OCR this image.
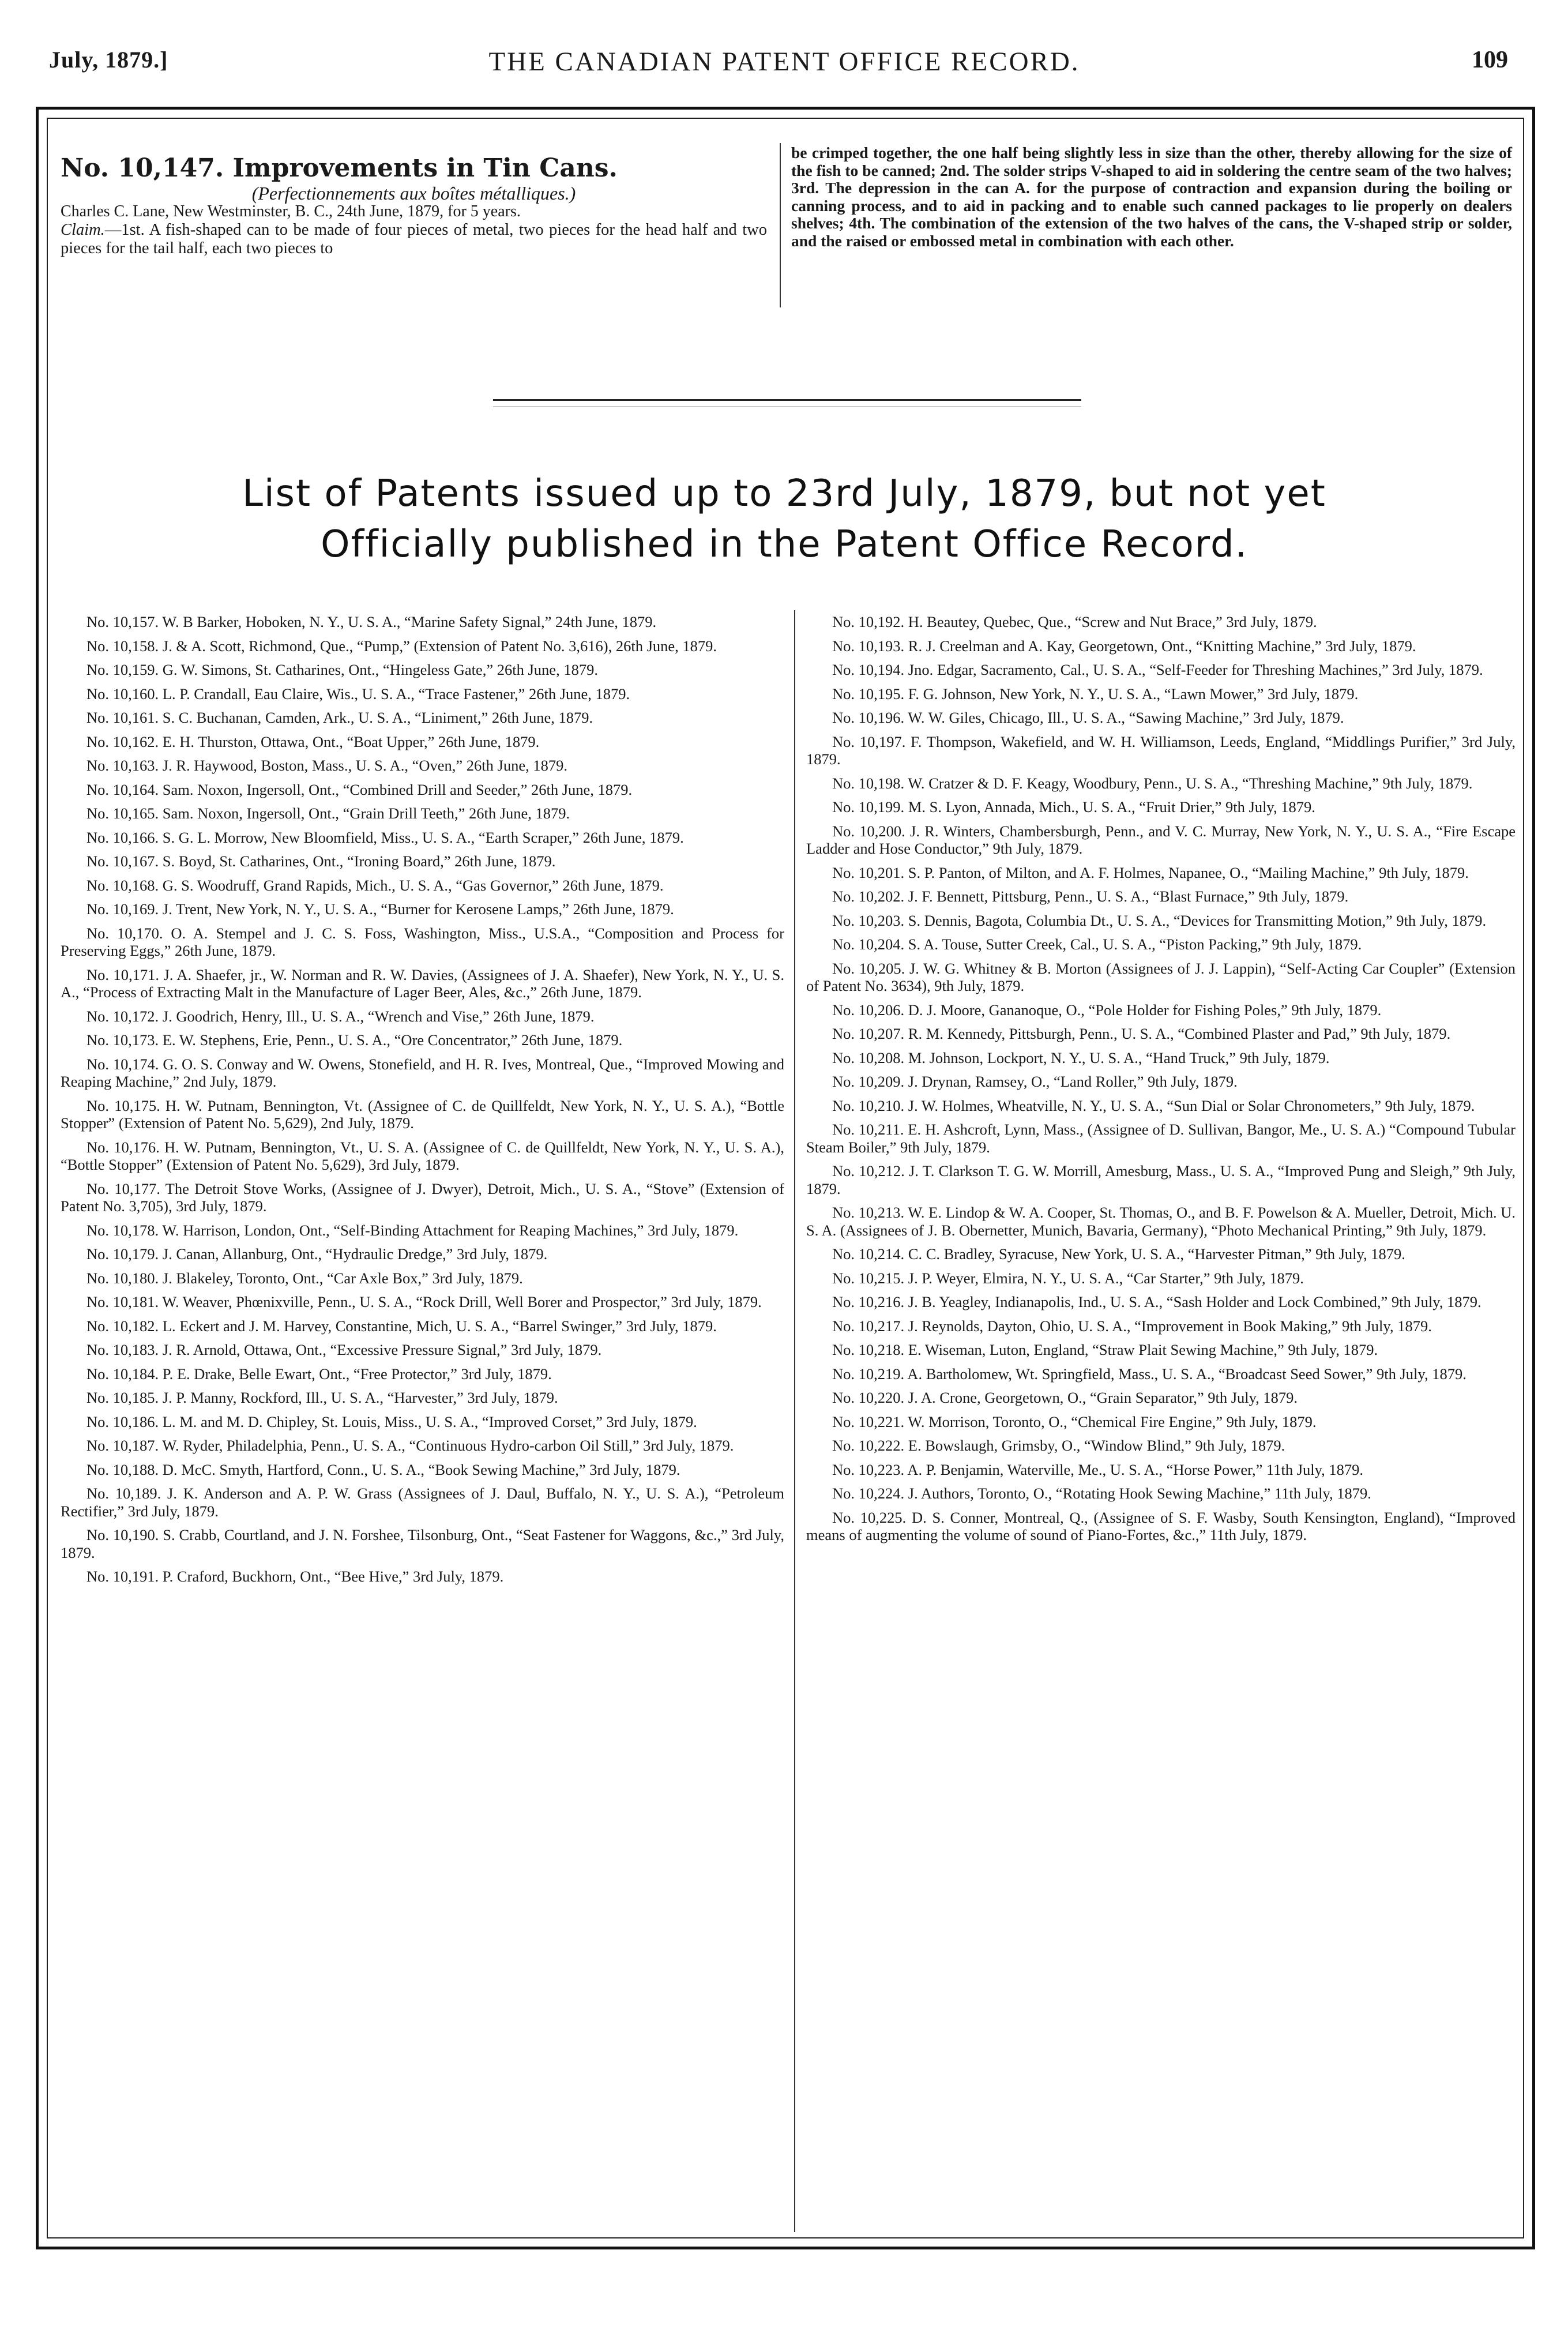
July, 1879.]	THE CANADIAN PATENT OFFICE RECORD.	109

No. 10,147. Improvements in Tin Cans.

(Perfectionnements aux boîtes métalliques.)

Charles C. Lane, New Westminster, B. C., 24th June, 1879, for 5 years.

Claim.—1st. A fish-shaped can to be made of four pieces of metal, two pieces for the head half and two pieces for the tail half, each two pieces to

be crimped together, the one half being slightly less in size than the other, thereby allowing for the size of the fish to be canned; 2nd. The solder strips V-shaped to aid in soldering the centre seam of the two halves; 3rd. The depression in the can A. for the purpose of contraction and expansion during the boiling or canning process, and to aid in packing and to enable such canned packages to lie properly on dealers shelves; 4th. The combination of the extension of the two halves of the cans, the V-shaped strip or solder, and the raised or embossed metal in combination with each other.

List of Patents issued up to 23rd July, 1879, but not yet
Officially published in the Patent Office Record.

No. 10,157. W. B Barker, Hoboken, N. Y., U. S. A., “Marine Safety Signal,” 24th June, 1879.

No. 10,158. J. & A. Scott, Richmond, Que., “Pump,” (Extension of Patent No. 3,616), 26th June, 1879.

No. 10,159. G. W. Simons, St. Catharines, Ont., “Hingeless Gate,” 26th June, 1879.

No. 10,160. L. P. Crandall, Eau Claire, Wis., U. S. A., “Trace Fastener,” 26th June, 1879.

No. 10,161. S. C. Buchanan, Camden, Ark., U. S. A., “Liniment,” 26th June, 1879.

No. 10,162. E. H. Thurston, Ottawa, Ont., “Boat Upper,” 26th June, 1879.

No. 10,163. J. R. Haywood, Boston, Mass., U. S. A., “Oven,” 26th June, 1879.

No. 10,164. Sam. Noxon, Ingersoll, Ont., “Combined Drill and Seeder,” 26th June, 1879.

No. 10,165. Sam. Noxon, Ingersoll, Ont., “Grain Drill Teeth,” 26th June, 1879.

No. 10,166. S. G. L. Morrow, New Bloomfield, Miss., U. S. A., “Earth Scraper,” 26th June, 1879.

No. 10,167. S. Boyd, St. Catharines, Ont., “Ironing Board,” 26th June, 1879.

No. 10,168. G. S. Woodruff, Grand Rapids, Mich., U. S. A., “Gas Governor,” 26th June, 1879.

No. 10,169. J. Trent, New York, N. Y., U. S. A., “Burner for Kerosene Lamps,” 26th June, 1879.

No. 10,170. O. A. Stempel and J. C. S. Foss, Washington, Miss., U.S.A., “Composition and Process for Preserving Eggs,” 26th June, 1879.

No. 10,171. J. A. Shaefer, jr., W. Norman and R. W. Davies, (Assignees of J. A. Shaefer), New York, N. Y., U. S. A., “Process of Extracting Malt in the Manufacture of Lager Beer, Ales, &c.,” 26th June, 1879.

No. 10,172. J. Goodrich, Henry, Ill., U. S. A., “Wrench and Vise,” 26th June, 1879.

No. 10,173. E. W. Stephens, Erie, Penn., U. S. A., “Ore Concentrator,” 26th June, 1879.

No. 10,174. G. O. S. Conway and W. Owens, Stonefield, and H. R. Ives, Montreal, Que., “Improved Mowing and Reaping Machine,” 2nd July, 1879.

No. 10,175. H. W. Putnam, Bennington, Vt. (Assignee of C. de Quillfeldt, New York, N. Y., U. S. A.), “Bottle Stopper” (Extension of Patent No. 5,629), 2nd July, 1879.

No. 10,176. H. W. Putnam, Bennington, Vt., U. S. A. (Assignee of C. de Quillfeldt, New York, N. Y., U. S. A.), “Bottle Stopper” (Extension of Patent No. 5,629), 3rd July, 1879.

No. 10,177. The Detroit Stove Works, (Assignee of J. Dwyer), Detroit, Mich., U. S. A., “Stove” (Extension of Patent No. 3,705), 3rd July, 1879.

No. 10,178. W. Harrison, London, Ont., “Self-Binding Attachment for Reaping Machines,” 3rd July, 1879.

No. 10,179. J. Canan, Allanburg, Ont., “Hydraulic Dredge,” 3rd July, 1879.

No. 10,180. J. Blakeley, Toronto, Ont., “Car Axle Box,” 3rd July, 1879.

No. 10,181. W. Weaver, Phœnixville, Penn., U. S. A., “Rock Drill, Well Borer and Prospector,” 3rd July, 1879.

No. 10,182. L. Eckert and J. M. Harvey, Constantine, Mich, U. S. A., “Barrel Swinger,” 3rd July, 1879.

No. 10,183. J. R. Arnold, Ottawa, Ont., “Excessive Pressure Signal,” 3rd July, 1879.

No. 10,184. P. E. Drake, Belle Ewart, Ont., “Free Protector,” 3rd July, 1879.

No. 10,185. J. P. Manny, Rockford, Ill., U. S. A., “Harvester,” 3rd July, 1879.

No. 10,186. L. M. and M. D. Chipley, St. Louis, Miss., U. S. A., “Improved Corset,” 3rd July, 1879.

No. 10,187. W. Ryder, Philadelphia, Penn., U. S. A., “Continuous Hydro-carbon Oil Still,” 3rd July, 1879.

No. 10,188. D. McC. Smyth, Hartford, Conn., U. S. A., “Book Sewing Machine,” 3rd July, 1879.

No. 10,189. J. K. Anderson and A. P. W. Grass (Assignees of J. Daul, Buffalo, N. Y., U. S. A.), “Petroleum Rectifier,” 3rd July, 1879.

No. 10,190. S. Crabb, Courtland, and J. N. Forshee, Tilsonburg, Ont., “Seat Fastener for Waggons, &c.,” 3rd July, 1879.

No. 10,191. P. Craford, Buckhorn, Ont., “Bee Hive,” 3rd July, 1879.

No. 10,192. H. Beautey, Quebec, Que., “Screw and Nut Brace,” 3rd July, 1879.

No. 10,193. R. J. Creelman and A. Kay, Georgetown, Ont., “Knitting Machine,” 3rd July, 1879.

No. 10,194. Jno. Edgar, Sacramento, Cal., U. S. A., “Self-Feeder for Threshing Machines,” 3rd July, 1879.

No. 10,195. F. G. Johnson, New York, N. Y., U. S. A., “Lawn Mower,” 3rd July, 1879.

No. 10,196. W. W. Giles, Chicago, Ill., U. S. A., “Sawing Machine,” 3rd July, 1879.

No. 10,197. F. Thompson, Wakefield, and W. H. Williamson, Leeds, England, “Middlings Purifier,” 3rd July, 1879.

No. 10,198. W. Cratzer & D. F. Keagy, Woodbury, Penn., U. S. A., “Threshing Machine,” 9th July, 1879.

No. 10,199. M. S. Lyon, Annada, Mich., U. S. A., “Fruit Drier,” 9th July, 1879.

No. 10,200. J. R. Winters, Chambersburgh, Penn., and V. C. Murray, New York, N. Y., U. S. A., “Fire Escape Ladder and Hose Conductor,” 9th July, 1879.

No. 10,201. S. P. Panton, of Milton, and A. F. Holmes, Napanee, O., “Mailing Machine,” 9th July, 1879.

No. 10,202. J. F. Bennett, Pittsburg, Penn., U. S. A., “Blast Furnace,” 9th July, 1879.

No. 10,203. S. Dennis, Bagota, Columbia Dt., U. S. A., “Devices for Transmitting Motion,” 9th July, 1879.

No. 10,204. S. A. Touse, Sutter Creek, Cal., U. S. A., “Piston Packing,” 9th July, 1879.

No. 10,205. J. W. G. Whitney & B. Morton (Assignees of J. J. Lappin), “Self-Acting Car Coupler” (Extension of Patent No. 3634), 9th July, 1879.

No. 10,206. D. J. Moore, Gananoque, O., “Pole Holder for Fishing Poles,” 9th July, 1879.

No. 10,207. R. M. Kennedy, Pittsburgh, Penn., U. S. A., “Combined Plaster and Pad,” 9th July, 1879.

No. 10,208. M. Johnson, Lockport, N. Y., U. S. A., “Hand Truck,” 9th July, 1879.

No. 10,209. J. Drynan, Ramsey, O., “Land Roller,” 9th July, 1879.

No. 10,210. J. W. Holmes, Wheatville, N. Y., U. S. A., “Sun Dial or Solar Chronometers,” 9th July, 1879.

No. 10,211. E. H. Ashcroft, Lynn, Mass., (Assignee of D. Sullivan, Bangor, Me., U. S. A.) “Compound Tubular Steam Boiler,” 9th July, 1879.

No. 10,212. J. T. Clarkson T. G. W. Morrill, Amesburg, Mass., U. S. A., “Improved Pung and Sleigh,” 9th July, 1879.

No. 10,213. W. E. Lindop & W. A. Cooper, St. Thomas, O., and B. F. Powelson & A. Mueller, Detroit, Mich. U. S. A. (Assignees of J. B. Obernetter, Munich, Bavaria, Germany), “Photo Mechanical Printing,” 9th July, 1879.

No. 10,214. C. C. Bradley, Syracuse, New York, U. S. A., “Harvester Pitman,” 9th July, 1879.

No. 10,215. J. P. Weyer, Elmira, N. Y., U. S. A., “Car Starter,” 9th July, 1879.

No. 10,216. J. B. Yeagley, Indianapolis, Ind., U. S. A., “Sash Holder and Lock Combined,” 9th July, 1879.

No. 10,217. J. Reynolds, Dayton, Ohio, U. S. A., “Improvement in Book Making,” 9th July, 1879.

No. 10,218. E. Wiseman, Luton, England, “Straw Plait Sewing Machine,” 9th July, 1879.

No. 10,219. A. Bartholomew, Wt. Springfield, Mass., U. S. A., “Broadcast Seed Sower,” 9th July, 1879.

No. 10,220. J. A. Crone, Georgetown, O., “Grain Separator,” 9th July, 1879.

No. 10,221. W. Morrison, Toronto, O., “Chemical Fire Engine,” 9th July, 1879.

No. 10,222. E. Bowslaugh, Grimsby, O., “Window Blind,” 9th July, 1879.

No. 10,223. A. P. Benjamin, Waterville, Me., U. S. A., “Horse Power,” 11th July, 1879.

No. 10,224. J. Authors, Toronto, O., “Rotating Hook Sewing Machine,” 11th July, 1879.

No. 10,225. D. S. Conner, Montreal, Q., (Assignee of S. F. Wasby, South Kensington, England), “Improved means of augmenting the volume of sound of Piano-Fortes, &c.,” 11th July, 1879.
